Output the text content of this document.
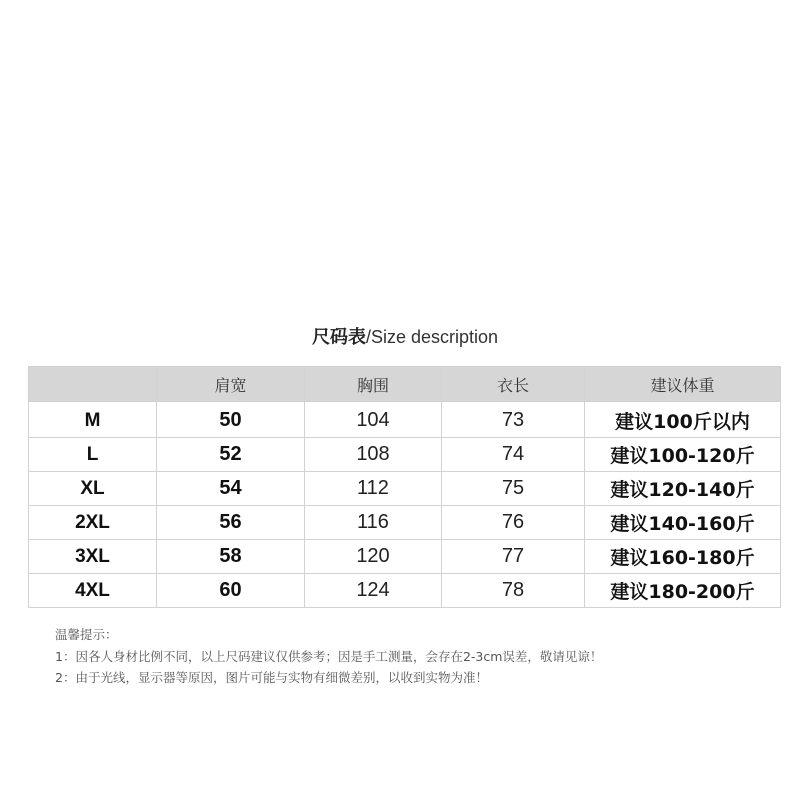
尺码表/Size description
	肩宽	胸围	衣长	建议体重
M	50	104	73	建议100斤以内
L	52	108	74	建议100-120斤
XL	54	112	75	建议120-140斤
2XL	56	116	76	建议140-160斤
3XL	58	120	77	建议160-180斤
4XL	60	124	78	建议180-200斤
温馨提示：
1：因各人身材比例不同，以上尺码建议仅供参考；因是手工测量，会存在2-3cm误差，敬请见谅！
2：由于光线，显示器等原因，图片可能与实物有细微差别，以收到实物为准！
